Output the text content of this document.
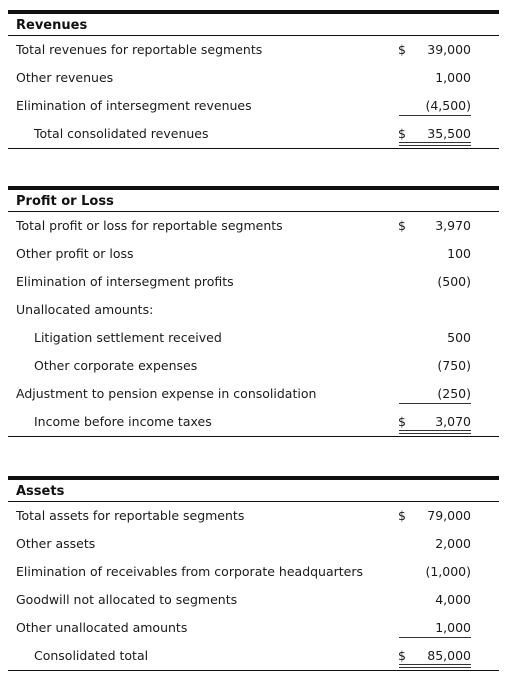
Revenues
Total revenues for reportable segments	$ 39,000
Other revenues	1,000
Elimination of intersegment revenues	(4,500)
Total consolidated revenues	$ 35,500
Profit or Loss
Total profit or loss for reportable segments	$ 3,970
Other profit or loss	100
Elimination of intersegment profits	(500)
Unallocated amounts:
Litigation settlement received	500
Other corporate expenses	(750)
Adjustment to pension expense in consolidation	(250)
Income before income taxes	$ 3,070
Assets
Total assets for reportable segments	$ 79,000
Other assets	2,000
Elimination of receivables from corporate headquarters	(1,000)
Goodwill not allocated to segments	4,000
Other unallocated amounts	1,000
Consolidated total	$ 85,000
